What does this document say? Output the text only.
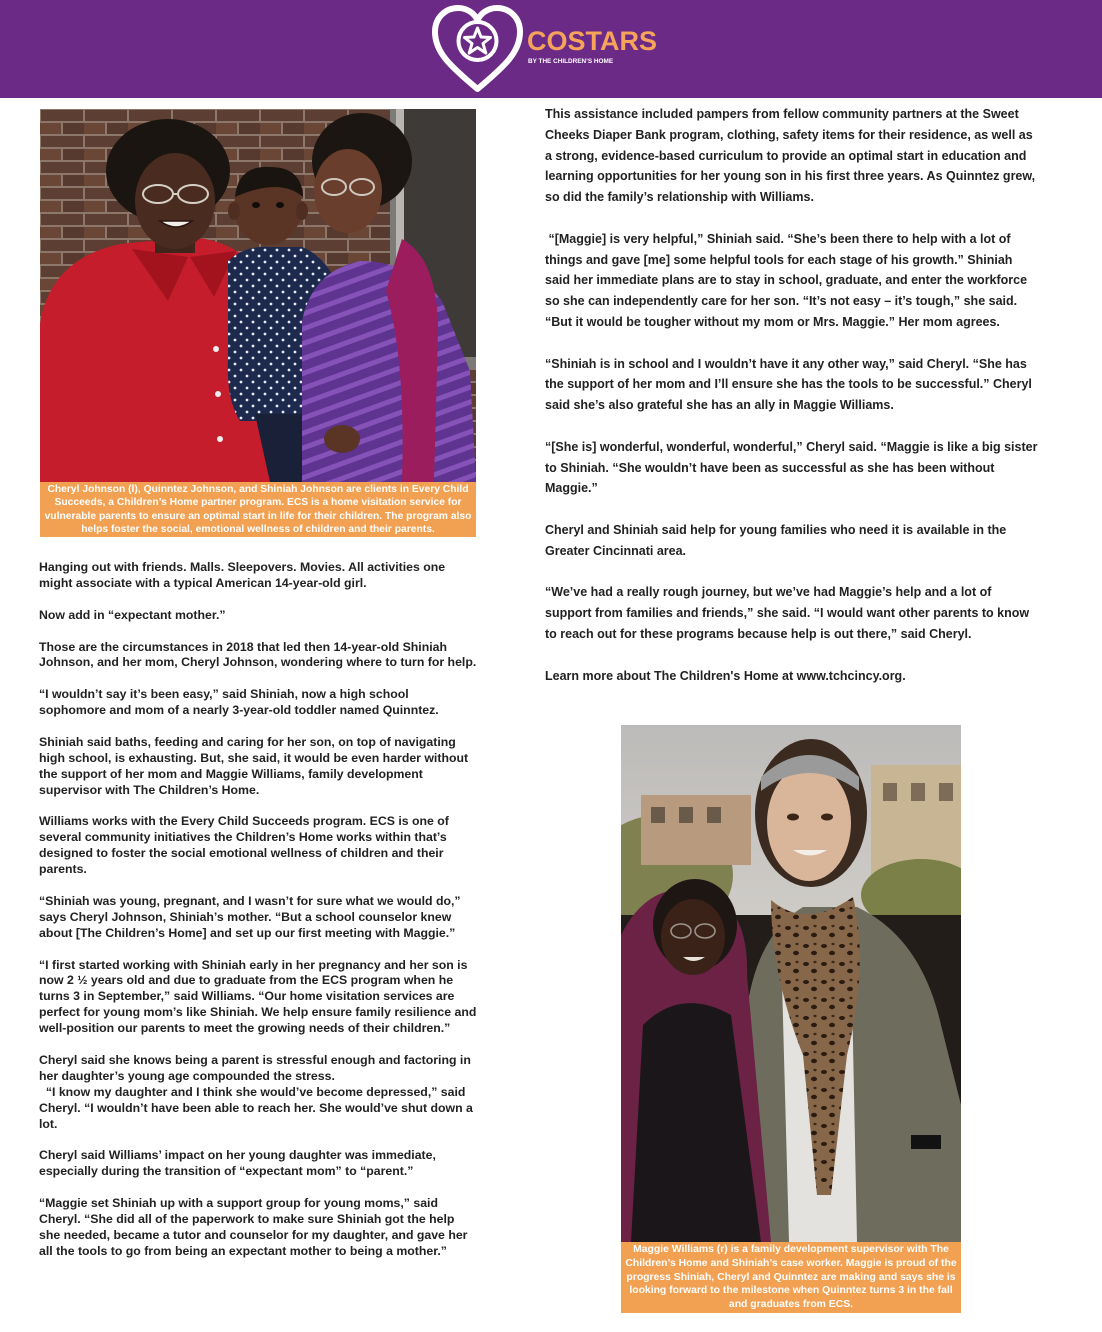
COSTARS
BY THE CHILDREN’S HOME
Cheryl Johnson (l), Quinntez Johnson, and Shiniah Johnson are clients in Every Child Succeeds, a Children’s Home partner program. ECS is a home visitation service for vulnerable parents to ensure an optimal start in life for their children. The program also helps foster the social, emotional wellness of children and their parents.

Hanging out with friends. Malls. Sleepovers. Movies. All activities one might associate with a typical American 14-year-old girl.

Now add in “expectant mother.”

Those are the circumstances in 2018 that led then 14-year-old Shiniah Johnson, and her mom, Cheryl Johnson, wondering where to turn for help.

“I wouldn’t say it’s been easy,” said Shiniah, now a high school sophomore and mom of a nearly 3-year-old toddler named Quinntez.

Shiniah said baths, feeding and caring for her son, on top of navigating high school, is exhausting. But, she said, it would be even harder without the support of her mom and Maggie Williams, family development supervisor with The Children’s Home.

Williams works with the Every Child Succeeds program. ECS is one of several community initiatives the Children’s Home works within that’s designed to foster the social emotional wellness of children and their parents.

“Shiniah was young, pregnant, and I wasn’t for sure what we would do,” says Cheryl Johnson, Shiniah’s mother. “But a school counselor knew about [The Children’s Home] and set up our first meeting with Maggie.”

“I first started working with Shiniah early in her pregnancy and her son is now 2 ½ years old and due to graduate from the ECS program when he turns 3 in September,” said Williams. “Our home visitation services are perfect for young mom’s like Shiniah. We help ensure family resilience and well-position our parents to meet the growing needs of their children.”

Cheryl said she knows being a parent is stressful enough and factoring in her daughter’s young age compounded the stress.
“I know my daughter and I think she would’ve become depressed,” said Cheryl. “I wouldn’t have been able to reach her. She would’ve shut down a lot.

Cheryl said Williams’ impact on her young daughter was immediate, especially during the transition of “expectant mom” to “parent.”

“Maggie set Shiniah up with a support group for young moms,” said Cheryl. “She did all of the paperwork to make sure Shiniah got the help she needed, became a tutor and counselor for my daughter, and gave her all the tools to go from being an expectant mother to being a mother.”

This assistance included pampers from fellow community partners at the Sweet Cheeks Diaper Bank program, clothing, safety items for their residence, as well as a strong, evidence-based curriculum to provide an optimal start in education and learning opportunities for her young son in his first three years. As Quinntez grew, so did the family’s relationship with Williams.

“[Maggie] is very helpful,” Shiniah said. “She’s been there to help with a lot of things and gave [me] some helpful tools for each stage of his growth.” Shiniah said her immediate plans are to stay in school, graduate, and enter the workforce so she can independently care for her son. “It’s not easy – it’s tough,” she said. “But it would be tougher without my mom or Mrs. Maggie.” Her mom agrees.

“Shiniah is in school and I wouldn’t have it any other way,” said Cheryl. “She has the support of her mom and I’ll ensure she has the tools to be successful.” Cheryl said she’s also grateful she has an ally in Maggie Williams.

“[She is] wonderful, wonderful, wonderful,” Cheryl said. “Maggie is like a big sister to Shiniah. “She wouldn’t have been as successful as she has been without Maggie.”

Cheryl and Shiniah said help for young families who need it is available in the Greater Cincinnati area.

“We’ve had a really rough journey, but we’ve had Maggie’s help and a lot of support from families and friends,” she said. “I would want other parents to know to reach out for these programs because help is out there,” said Cheryl.

Learn more about The Children's Home at www.tchcincy.org.

Maggie Williams (r) is a family development supervisor with The Children’s Home and Shiniah’s case worker. Maggie is proud of the progress Shiniah, Cheryl and Quinntez are making and says she is looking forward to the milestone when Quinntez turns 3 in the fall and graduates from ECS.
